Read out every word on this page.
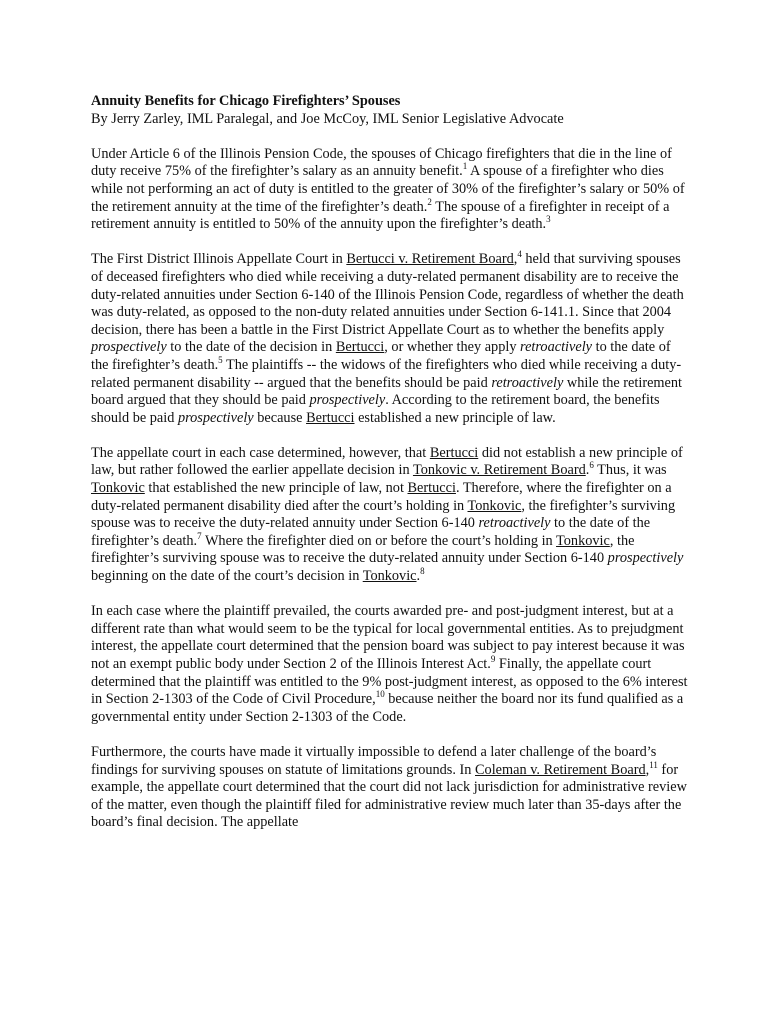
Annuity Benefits for Chicago Firefighters’ Spouses

By Jerry Zarley, IML Paralegal, and Joe McCoy, IML Senior Legislative Advocate

Under Article 6 of the Illinois Pension Code, the spouses of Chicago firefighters that die in the line of duty receive 75% of the firefighter’s salary as an annuity benefit.$^1$ A spouse of a firefighter who dies while not performing an act of duty is entitled to the greater of 30% of the firefighter’s salary or 50% of the retirement annuity at the time of the firefighter’s death.$^2$ The spouse of a firefighter in receipt of a retirement annuity is entitled to 50% of the annuity upon the firefighter’s death.$^3$

The First District Illinois Appellate Court in Bertucci v. Retirement Board,$^4$ held that surviving spouses of deceased firefighters who died while receiving a duty-related permanent disability are to receive the duty-related annuities under Section 6-140 of the Illinois Pension Code, regardless of whether the death was duty-related, as opposed to the non-duty related annuities under Section 6-141.1. Since that 2004 decision, there has been a battle in the First District Appellate Court as to whether the benefits apply prospectively to the date of the decision in Bertucci, or whether they apply retroactively to the date of the firefighter’s death.$^5$ The plaintiffs -- the widows of the firefighters who died while receiving a duty-related permanent disability -- argued that the benefits should be paid retroactively while the retirement board argued that they should be paid prospectively. According to the retirement board, the benefits should be paid prospectively because Bertucci established a new principle of law.

The appellate court in each case determined, however, that Bertucci did not establish a new principle of law, but rather followed the earlier appellate decision in Tonkovic v. Retirement Board.$^6$ Thus, it was Tonkovic that established the new principle of law, not Bertucci. Therefore, where the firefighter on a duty-related permanent disability died after the court’s holding in Tonkovic, the firefighter’s surviving spouse was to receive the duty-related annuity under Section 6-140 retroactively to the date of the firefighter’s death.$^7$ Where the firefighter died on or before the court’s holding in Tonkovic, the firefighter’s surviving spouse was to receive the duty-related annuity under Section 6-140 prospectively beginning on the date of the court’s decision in Tonkovic.$^8$

In each case where the plaintiff prevailed, the courts awarded pre- and post-judgment interest, but at a different rate than what would seem to be the typical for local governmental entities. As to prejudgment interest, the appellate court determined that the pension board was subject to pay interest because it was not an exempt public body under Section 2 of the Illinois Interest Act.$^9$ Finally, the appellate court determined that the plaintiff was entitled to the 9% post-judgment interest, as opposed to the 6% interest in Section 2-1303 of the Code of Civil Procedure,$^{10}$ because neither the board nor its fund qualified as a governmental entity under Section 2-1303 of the Code.

Furthermore, the courts have made it virtually impossible to defend a later challenge of the board’s findings for surviving spouses on statute of limitations grounds. In Coleman v. Retirement Board,$^{11}$ for example, the appellate court determined that the court did not lack jurisdiction for administrative review of the matter, even though the plaintiff filed for administrative review much later than 35-days after the board’s final decision. The appellate
